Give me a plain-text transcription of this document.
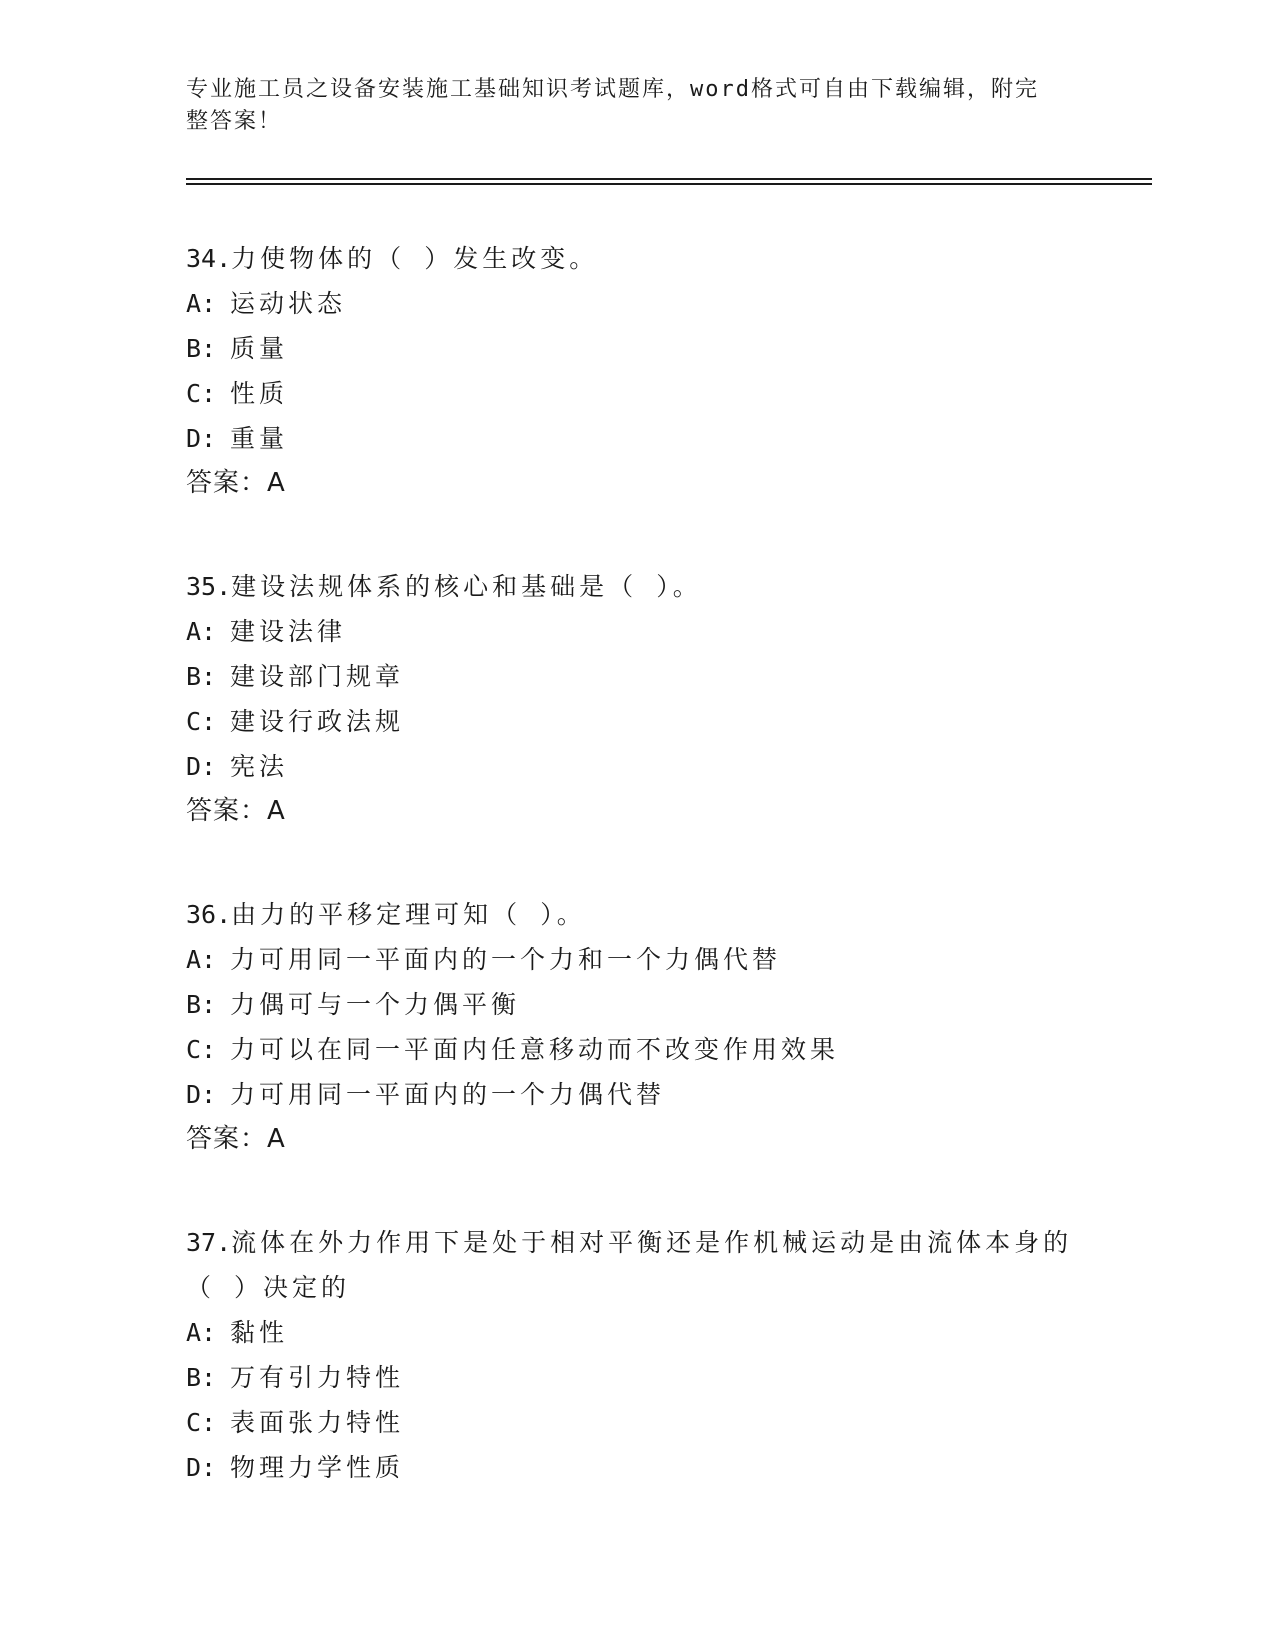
专业施工员之设备安装施工基础知识考试题库，word格式可自由下载编辑，附完
整答案！
34.力使物体的（ ）发生改变。
A: 运动状态
B: 质量
C: 性质
D: 重量
答案：A
35.建设法规体系的核心和基础是（ ）。
A: 建设法律
B: 建设部门规章
C: 建设行政法规
D: 宪法
答案：A
36.由力的平移定理可知（ ）。
A: 力可用同一平面内的一个力和一个力偶代替
B: 力偶可与一个力偶平衡
C: 力可以在同一平面内任意移动而不改变作用效果
D: 力可用同一平面内的一个力偶代替
答案：A
37.流体在外力作用下是处于相对平衡还是作机械运动是由流体本身的
（ ）决定的
A: 黏性
B: 万有引力特性
C: 表面张力特性
D: 物理力学性质
